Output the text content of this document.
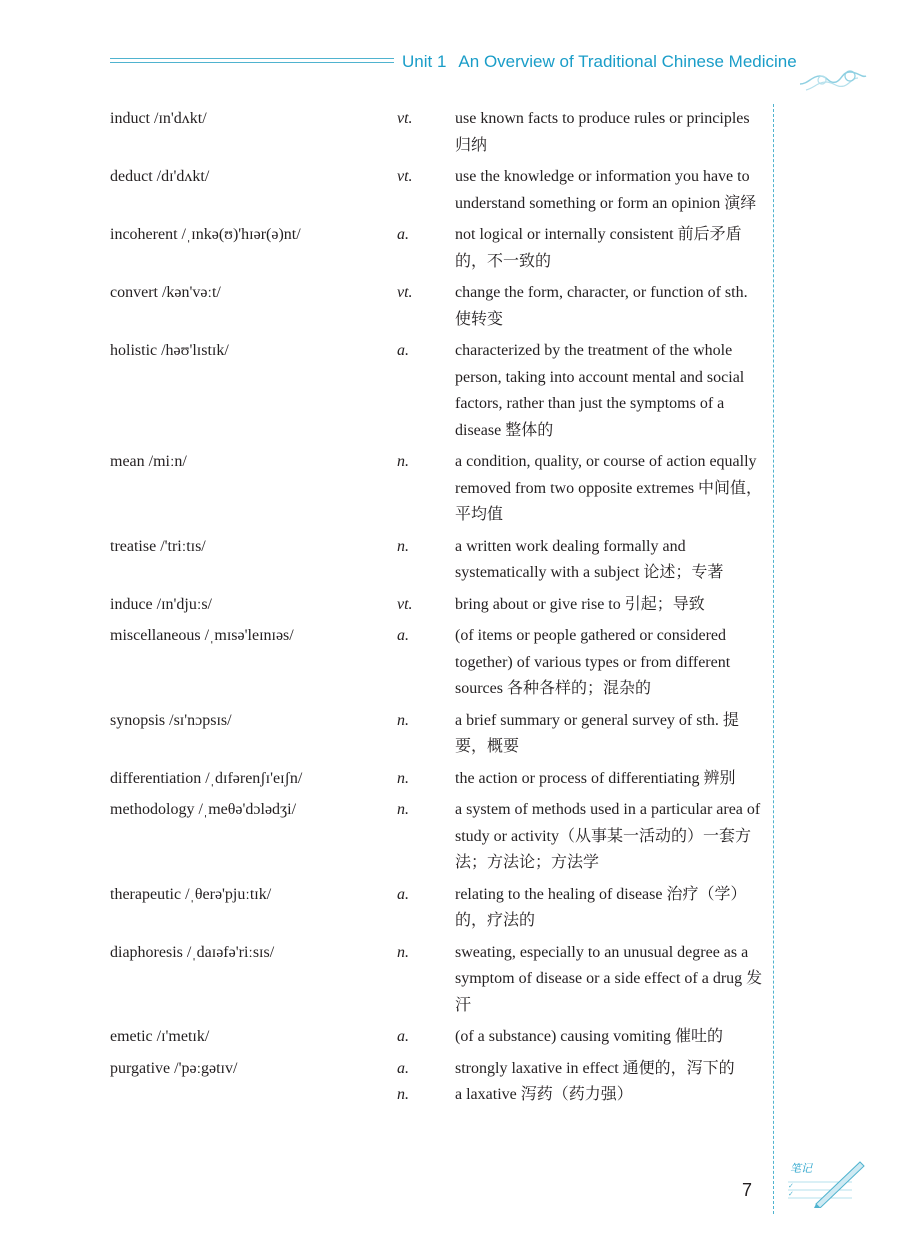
Unit 1 An Overview of Traditional Chinese Medicine
induct /ɪn'dʌkt/	vt.	use known facts to produce rules or principles 归纳
deduct /dɪ'dʌkt/	vt.	use the knowledge or information you have to understand something or form an opinion 演绎
incoherent /ˌɪnkə(ʊ)'hɪər(ə)nt/	a.	not logical or internally consistent 前后矛盾的，不一致的
convert /kən'vəːt/	vt.	change the form, character, or function of sth. 使转变
holistic /həʊ'lɪstɪk/	a.	characterized by the treatment of the whole person, taking into account mental and social factors, rather than just the symptoms of a disease 整体的
mean /miːn/	n.	a condition, quality, or course of action equally removed from two opposite extremes 中间值，平均值
treatise /'triːtɪs/	n.	a written work dealing formally and systematically with a subject 论述；专著
induce /ɪn'djuːs/	vt.	bring about or give rise to 引起；导致
miscellaneous /ˌmɪsə'leɪnɪəs/	a.	(of items or people gathered or considered together) of various types or from different sources 各种各样的；混杂的
synopsis /sɪ'nɔpsɪs/	n.	a brief summary or general survey of sth. 提要，概要
differentiation /ˌdɪfərenʃɪ'eɪʃn/	n.	the action or process of differentiating 辨别
methodology /ˌmeθə'dɔlədʒi/	n.	a system of methods used in a particular area of study or activity（从事某一活动的）一套方法；方法论；方法学
therapeutic /ˌθerə'pjuːtɪk/	a.	relating to the healing of disease 治疗（学）的，疗法的
diaphoresis /ˌdaɪəfə'riːsɪs/	n.	sweating, especially to an unusual degree as a symptom of disease or a side effect of a drug 发汗
emetic /ɪ'metɪk/	a.	(of a substance) causing vomiting 催吐的
purgative /'pəːgətɪv/	a.	strongly laxative in effect 通便的，泻下的
n.	a laxative 泻药（药力强）
笔记
✓
✓
7
